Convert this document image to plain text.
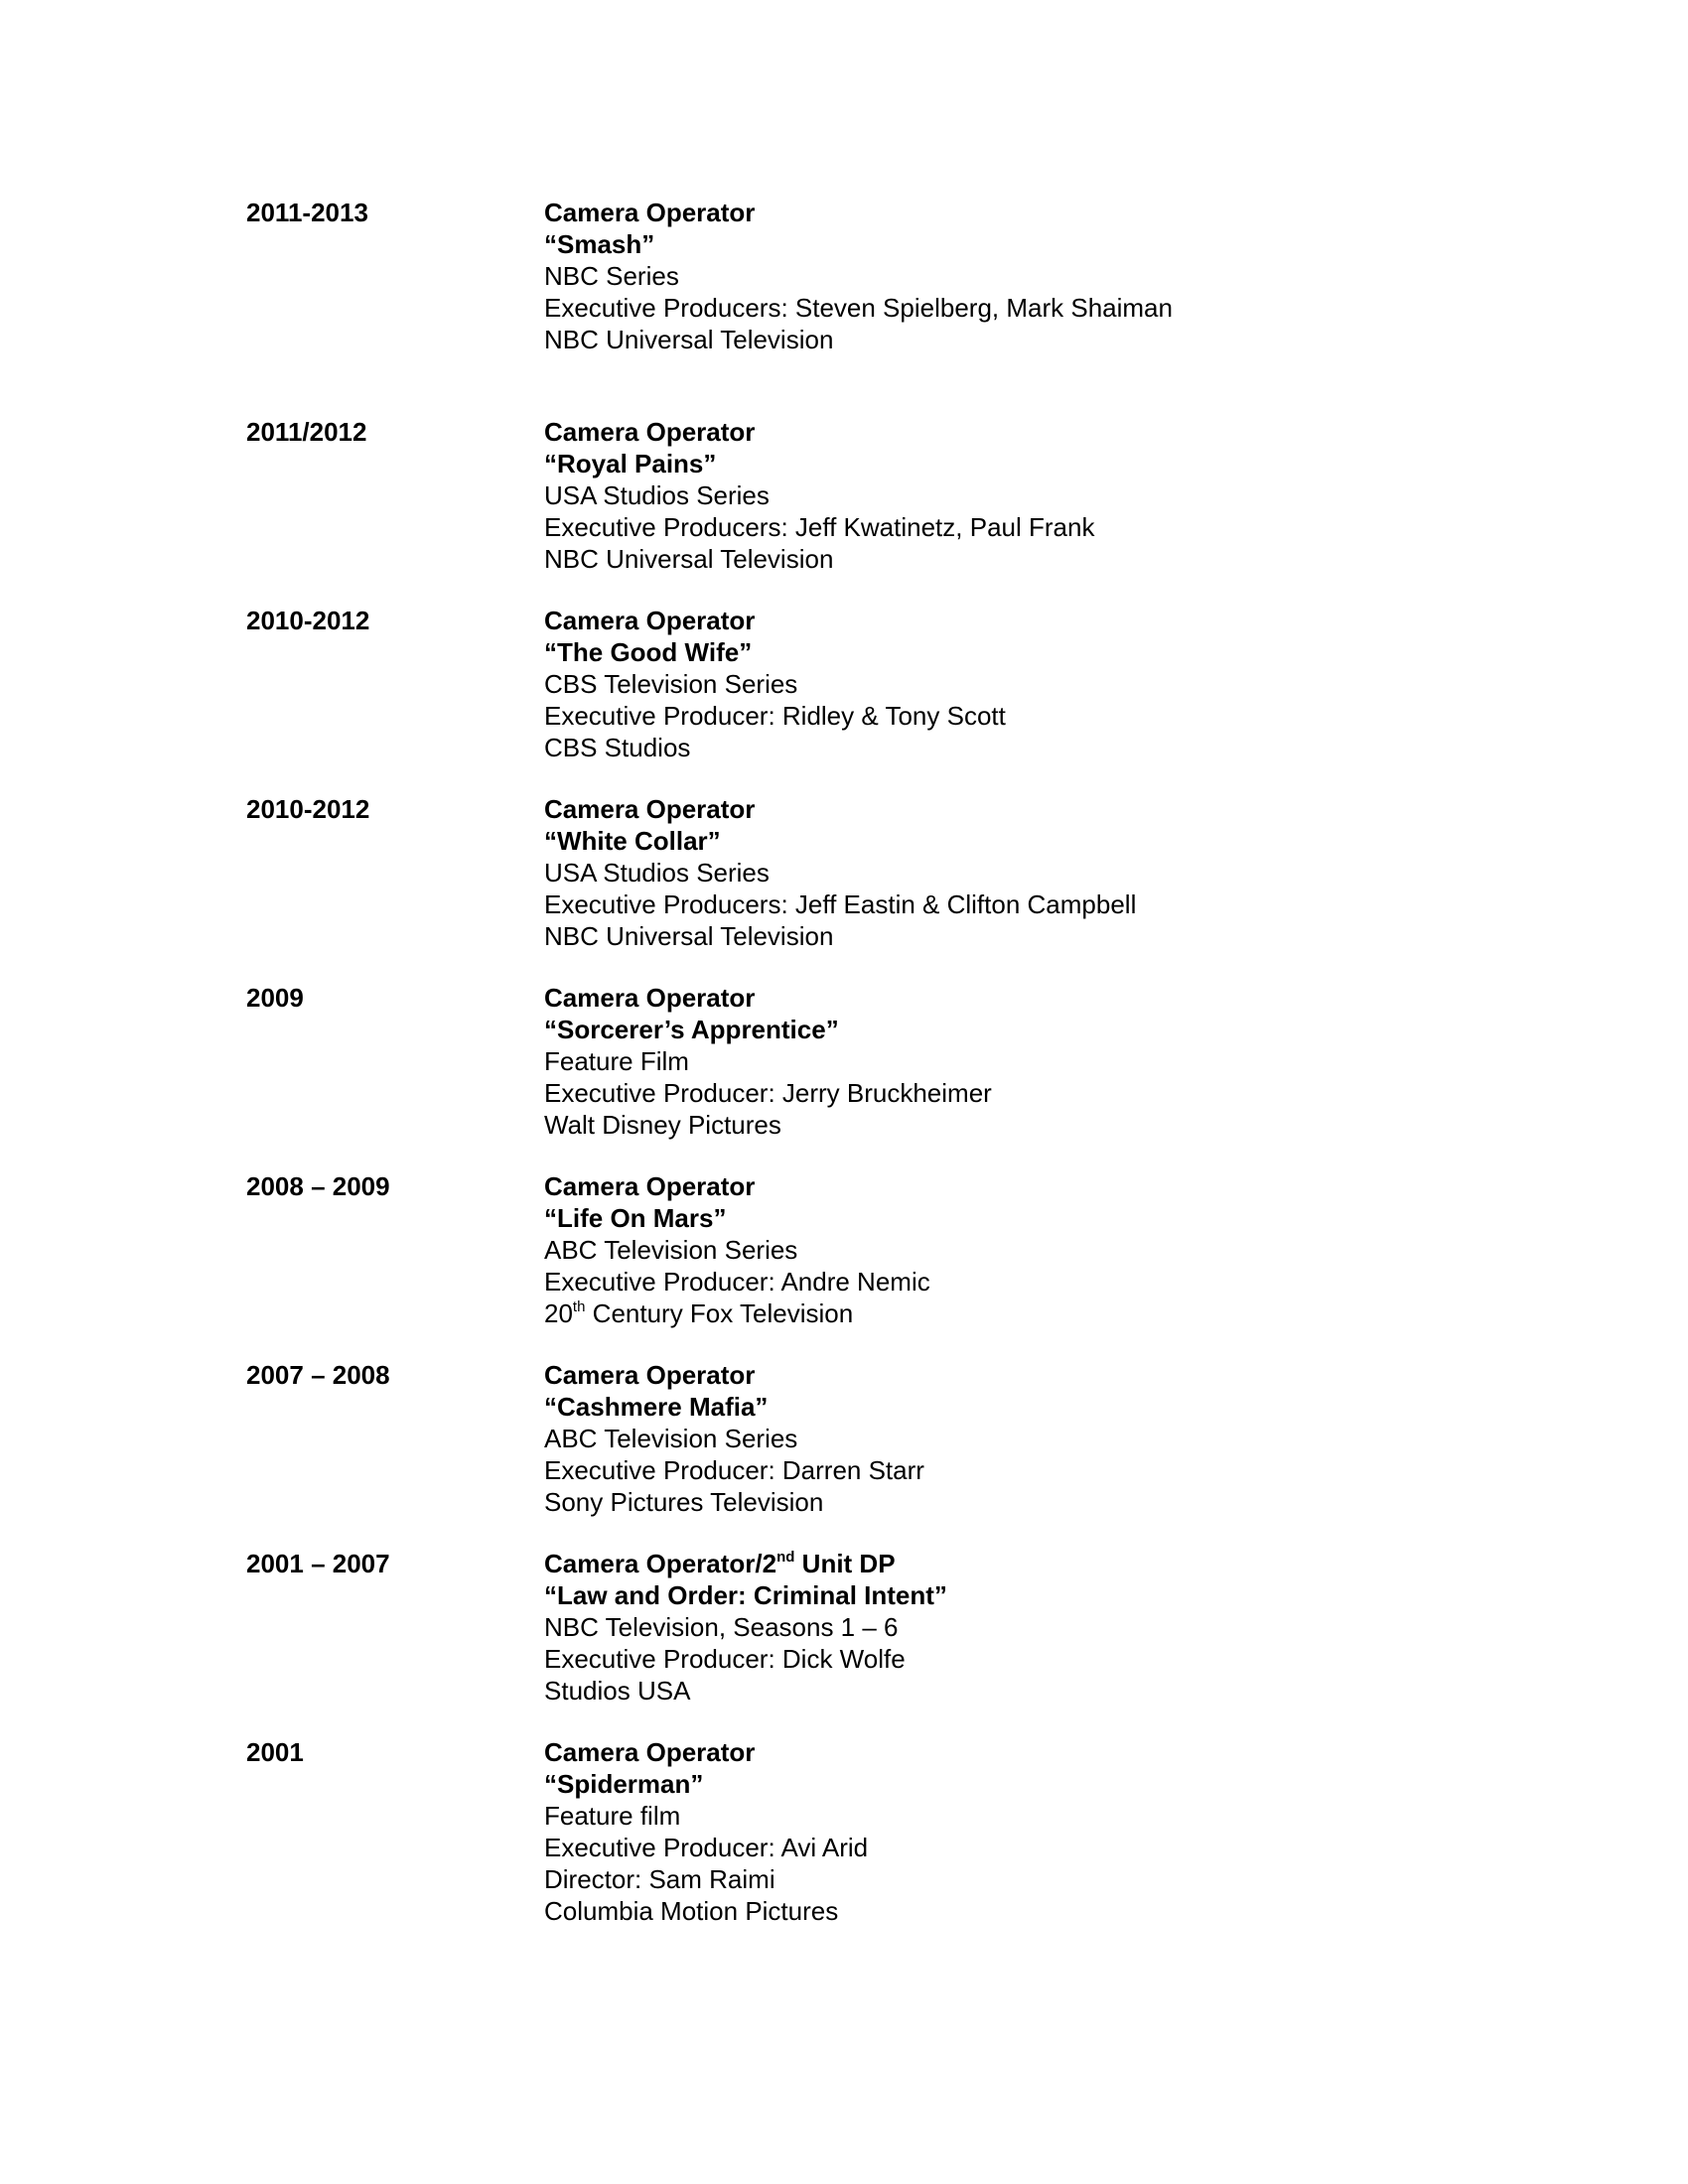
2011-2013	Camera Operator
“Smash”
NBC Series
Executive Producers: Steven Spielberg, Mark Shaiman
NBC Universal Television
2011/2012	Camera Operator
“Royal Pains”
USA Studios Series
Executive Producers: Jeff Kwatinetz, Paul Frank
NBC Universal Television
2010-2012	Camera Operator
“The Good Wife”
CBS Television Series
Executive Producer: Ridley & Tony Scott
CBS Studios
2010-2012	Camera Operator
“White Collar”
USA Studios Series
Executive Producers: Jeff Eastin & Clifton Campbell
NBC Universal Television
2009	Camera Operator
“Sorcerer’s Apprentice”
Feature Film
Executive Producer: Jerry Bruckheimer
Walt Disney Pictures
2008 – 2009	Camera Operator
“Life On Mars”
ABC Television Series
Executive Producer: Andre Nemic
20th Century Fox Television
2007 – 2008	Camera Operator
“Cashmere Mafia”
ABC Television Series
Executive Producer: Darren Starr
Sony Pictures Television
2001 – 2007	Camera Operator/2nd Unit DP
“Law and Order: Criminal Intent”
NBC Television, Seasons 1 – 6
Executive Producer: Dick Wolfe
Studios USA
2001	Camera Operator
“Spiderman”
Feature film
Executive Producer: Avi Arid
Director: Sam Raimi
Columbia Motion Pictures
